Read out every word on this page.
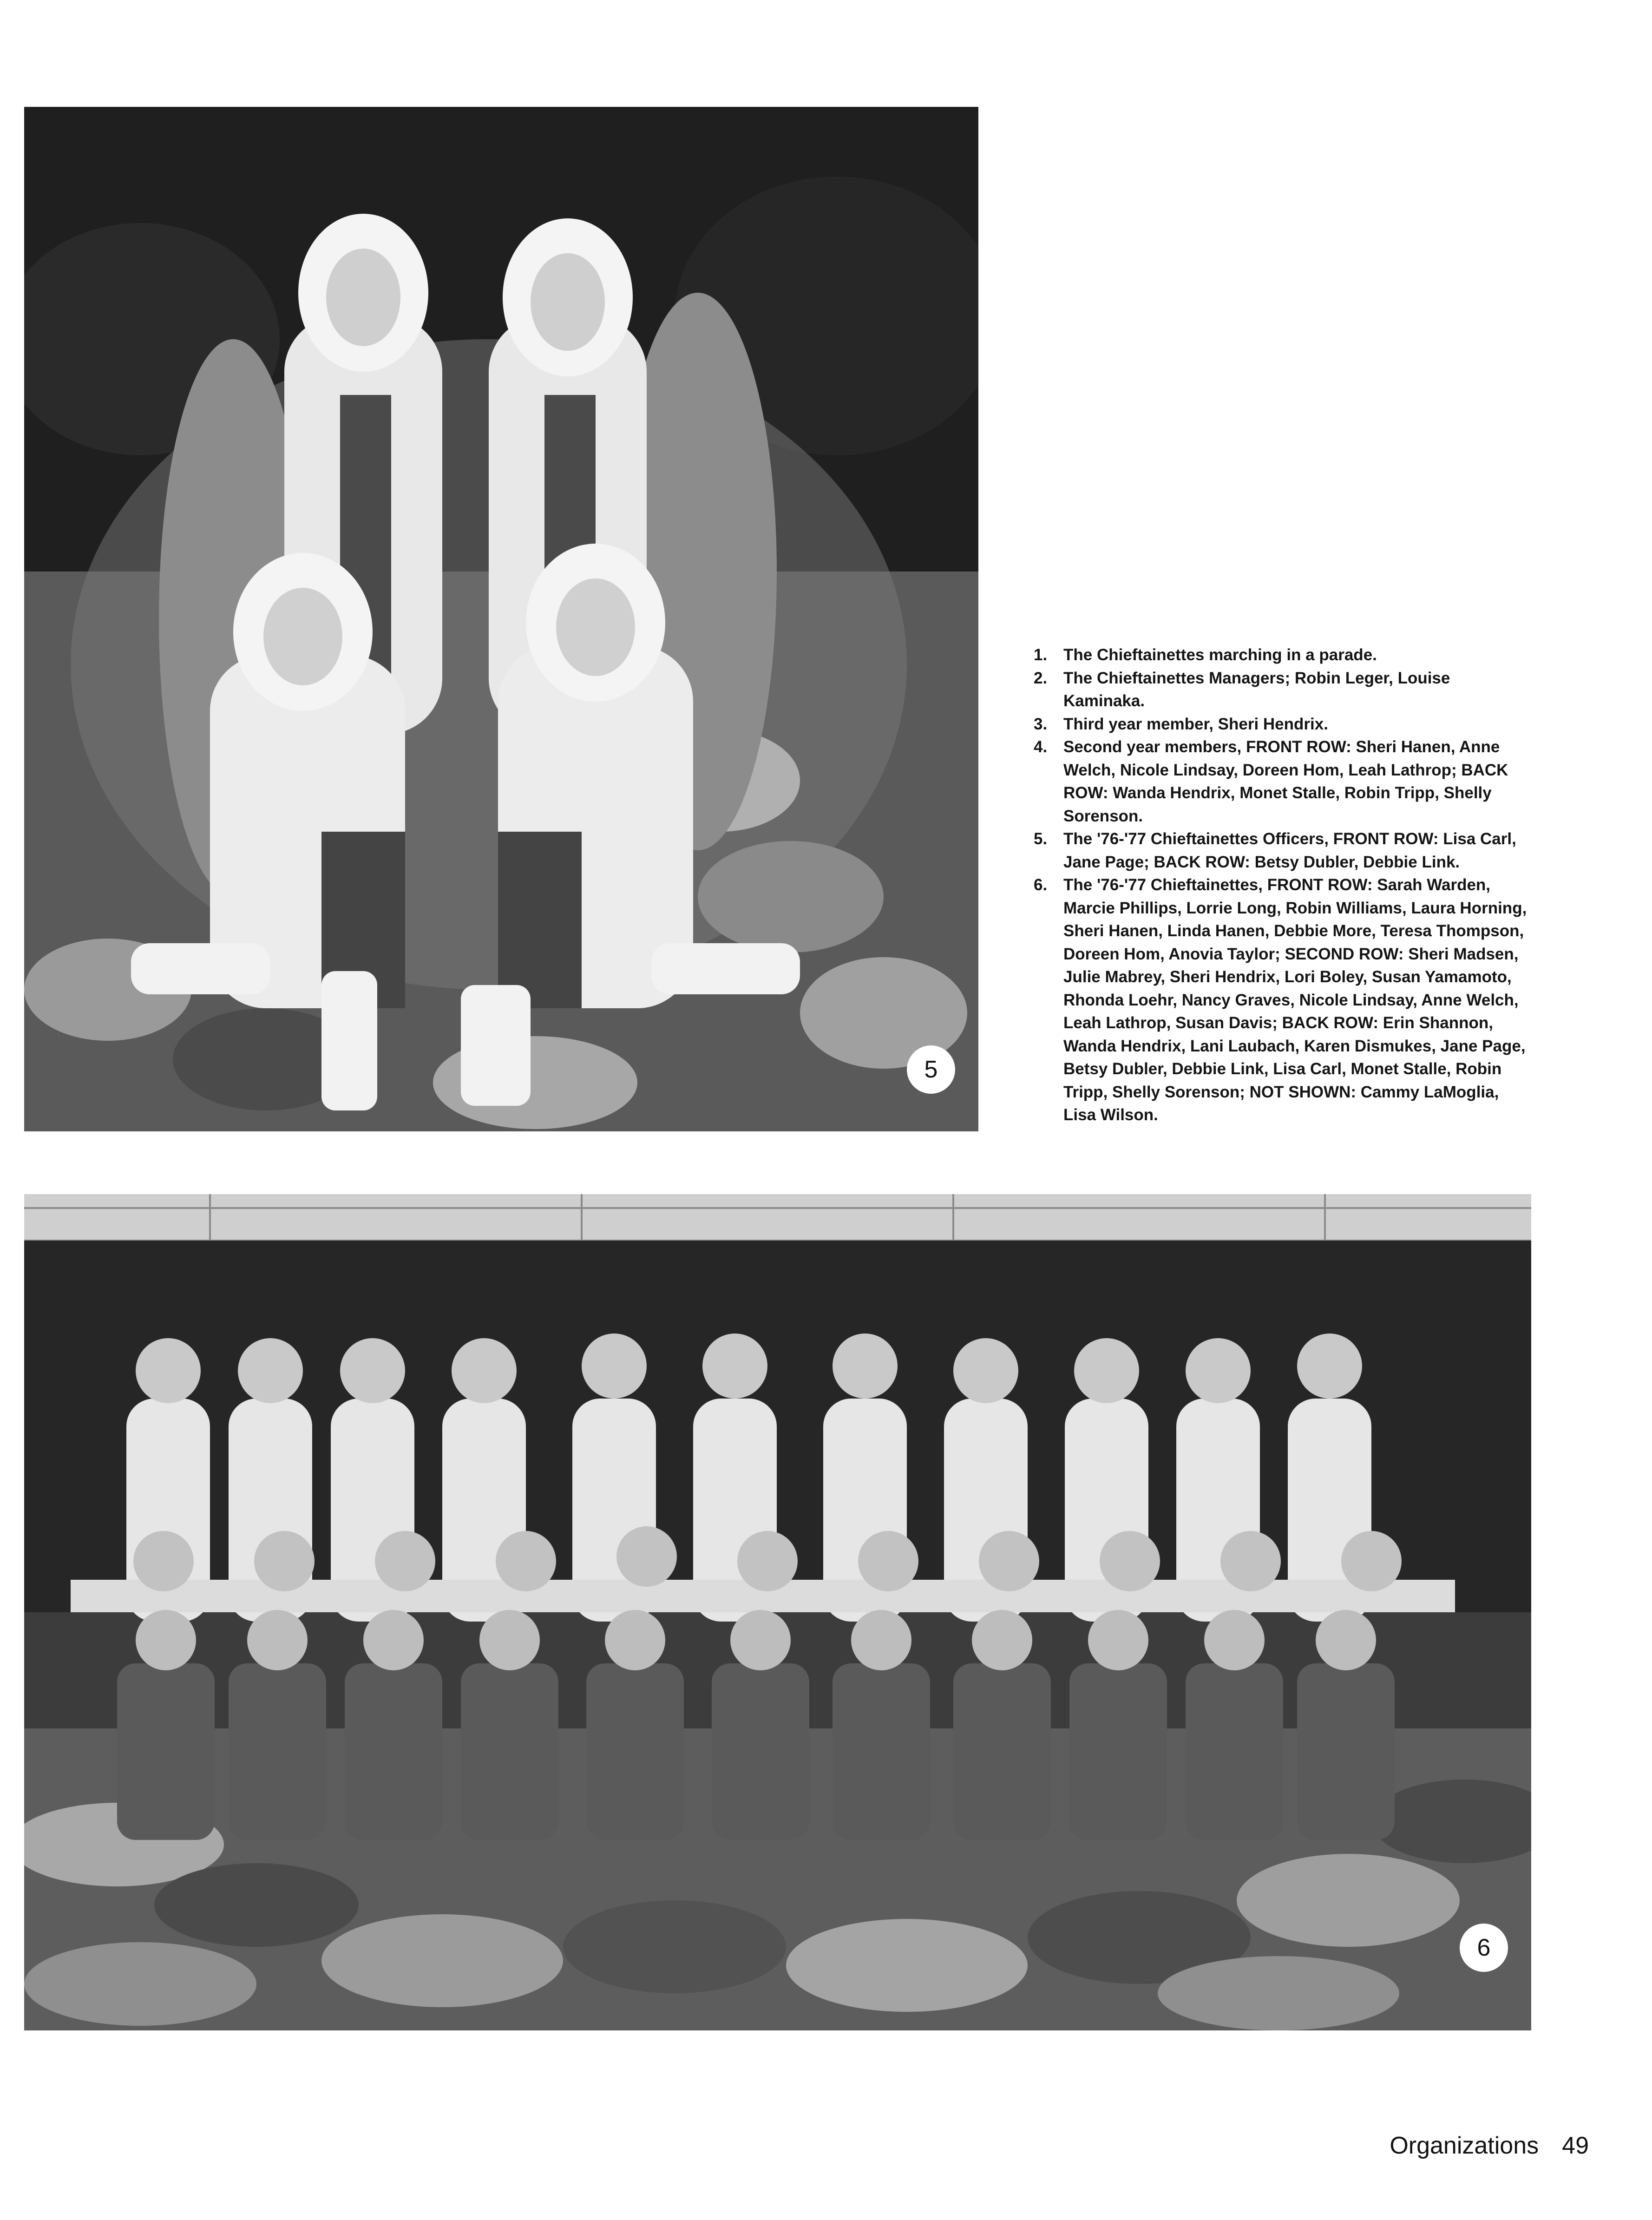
5
1. The Chieftainettes marching in a parade.
2. The Chieftainettes Managers; Robin Leger, Louise Kaminaka.
3. Third year member, Sheri Hendrix.
4. Second year members, FRONT ROW: Sheri Hanen, Anne Welch, Nicole Lindsay, Doreen Hom, Leah Lathrop; BACK ROW: Wanda Hendrix, Monet Stalle, Robin Tripp, Shelly Sorenson.
5. The '76-'77 Chieftainettes Officers, FRONT ROW: Lisa Carl, Jane Page; BACK ROW: Betsy Dubler, Debbie Link.
6. The '76-'77 Chieftainettes, FRONT ROW: Sarah Warden, Marcie Phillips, Lorrie Long, Robin Williams, Laura Horning, Sheri Hanen, Linda Hanen, Debbie More, Teresa Thompson, Doreen Hom, Anovia Taylor; SECOND ROW: Sheri Madsen, Julie Mabrey, Sheri Hendrix, Lori Boley, Susan Yamamoto, Rhonda Loehr, Nancy Graves, Nicole Lindsay, Anne Welch, Leah Lathrop, Susan Davis; BACK ROW: Erin Shannon, Wanda Hendrix, Lani Laubach, Karen Dismukes, Jane Page, Betsy Dubler, Debbie Link, Lisa Carl, Monet Stalle, Robin Tripp, Shelly Sorenson; NOT SHOWN: Cammy LaMoglia, Lisa Wilson.
6
Organizations 49
